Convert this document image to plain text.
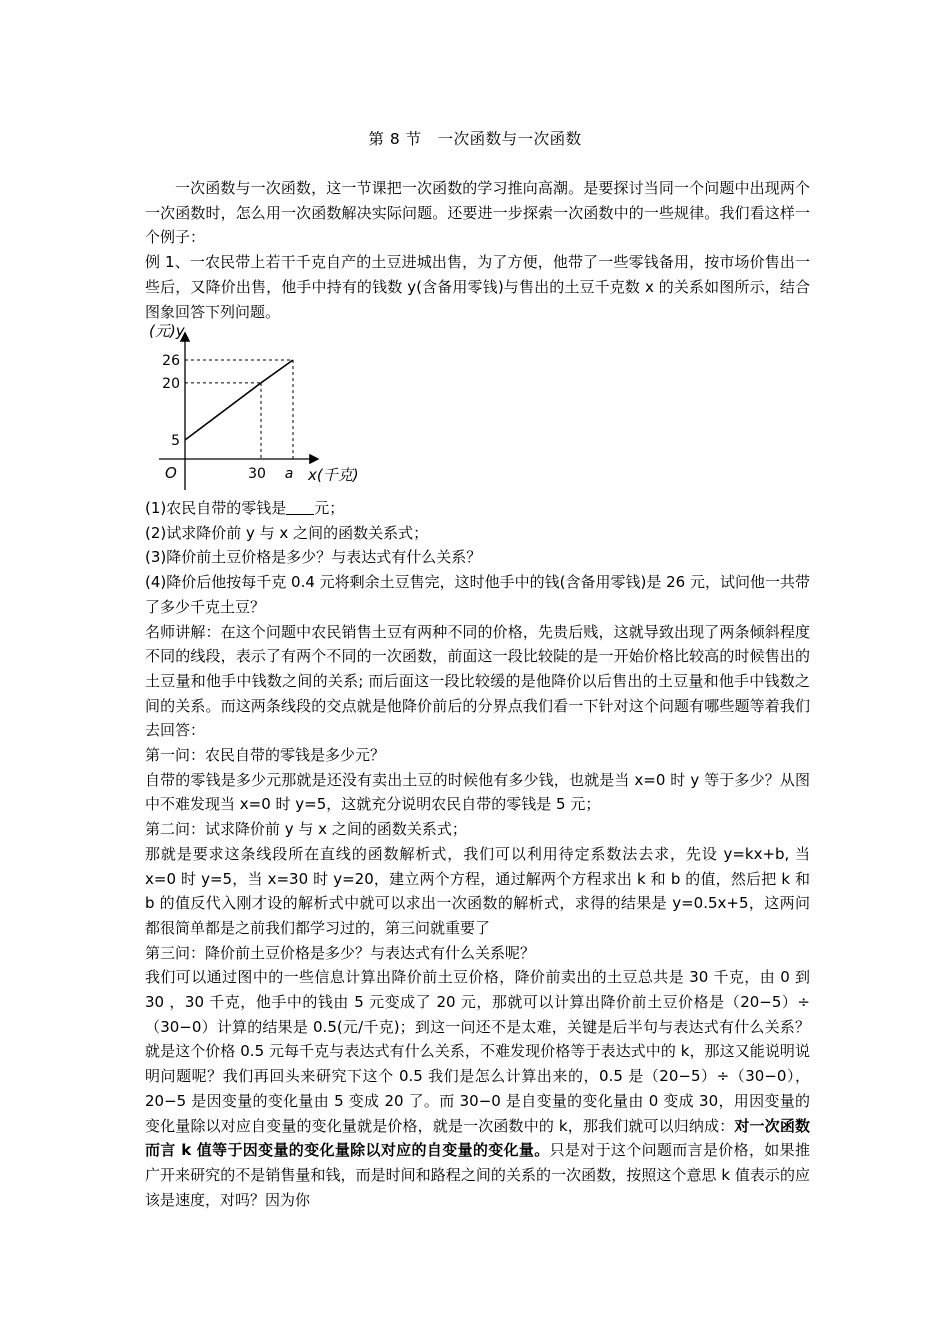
第 8 节　一次函数与一次函数

一次函数与一次函数，这一节课把一次函数的学习推向高潮。是要探讨当同一个问题中出现两个一次函数时，怎么用一次函数解决实际问题。还要进一步探索一次函数中的一些规律。我们看这样一个例子：

例 1、一农民带上若干千克自产的土豆进城出售，为了方便，他带了一些零钱备用，按市场价售出一些后，又降价出售，他手中持有的钱数 y(含备用零钱)与售出的土豆千克数 x 的关系如图所示，结合图象回答下列问题。

(元)y
x(千克)
O
5
20
26
30 a

(1)农民自带的零钱是 元；

(2)试求降价前 y 与 x 之间的函数关系式；

(3)降价前土豆价格是多少？与表达式有什么关系？

(4)降价后他按每千克 0.4 元将剩余土豆售完，这时他手中的钱(含备用零钱)是 26 元，试问他一共带了多少千克土豆？

名师讲解：在这个问题中农民销售土豆有两种不同的价格，先贵后贱，这就导致出现了两条倾斜程度不同的线段，表示了有两个不同的一次函数，前面这一段比较陡的是一开始价格比较高的时候售出的土豆量和他手中钱数之间的关系; 而后面这一段比较缓的是他降价以后售出的土豆量和他手中钱数之间的关系。而这两条线段的交点就是他降价前后的分界点我们看一下针对这个问题有哪些题等着我们去回答：

第一问：农民自带的零钱是多少元？

自带的零钱是多少元那就是还没有卖出土豆的时候他有多少钱，也就是当 x=0 时 y 等于多少？从图中不难发现当 x=0 时 y=5，这就充分说明农民自带的零钱是 5 元；

第二问：试求降价前 y 与 x 之间的函数关系式；

那就是要求这条线段所在直线的函数解析式，我们可以利用待定系数法去求，先设 y=kx+b, 当 x=0 时 y=5，当 x=30 时 y=20，建立两个方程，通过解两个方程求出 k 和 b 的值，然后把 k 和 b 的值反代入刚才设的解析式中就可以求出一次函数的解析式，求得的结果是 y=0.5x+5，这两问都很简单都是之前我们都学习过的，第三问就重要了

第三问：降价前土豆价格是多少？与表达式有什么关系呢？

我们可以通过图中的一些信息计算出降价前土豆价格，降价前卖出的土豆总共是 30 千克，由 0 到 30 ，30 千克，他手中的钱由 5 元变成了 20 元，那就可以计算出降价前土豆价格是（20−5）÷（30−0）计算的结果是 0.5(元/千克)；到这一问还不是太难，关键是后半句与表达式有什么关系？就是这个价格 0.5 元每千克与表达式有什么关系，不难发现价格等于表达式中的 k，那这又能说明说明问题呢？我们再回头来研究下这个 0.5 我们是怎么计算出来的，0.5 是（20−5）÷（30−0），20−5 是因变量的变化量由 5 变成 20 了。而 30−0 是自变量的变化量由 0 变成 30，用因变量的变化量除以对应自变量的变化量就是价格，就是一次函数中的 k，那我们就可以归纳成：对一次函数而言 k 值等于因变量的变化量除以对应的自变量的变化量。只是对于这个问题而言是价格，如果推广开来研究的不是销售量和钱，而是时间和路程之间的关系的一次函数，按照这个意思 k 值表示的应该是速度，对吗？因为你
